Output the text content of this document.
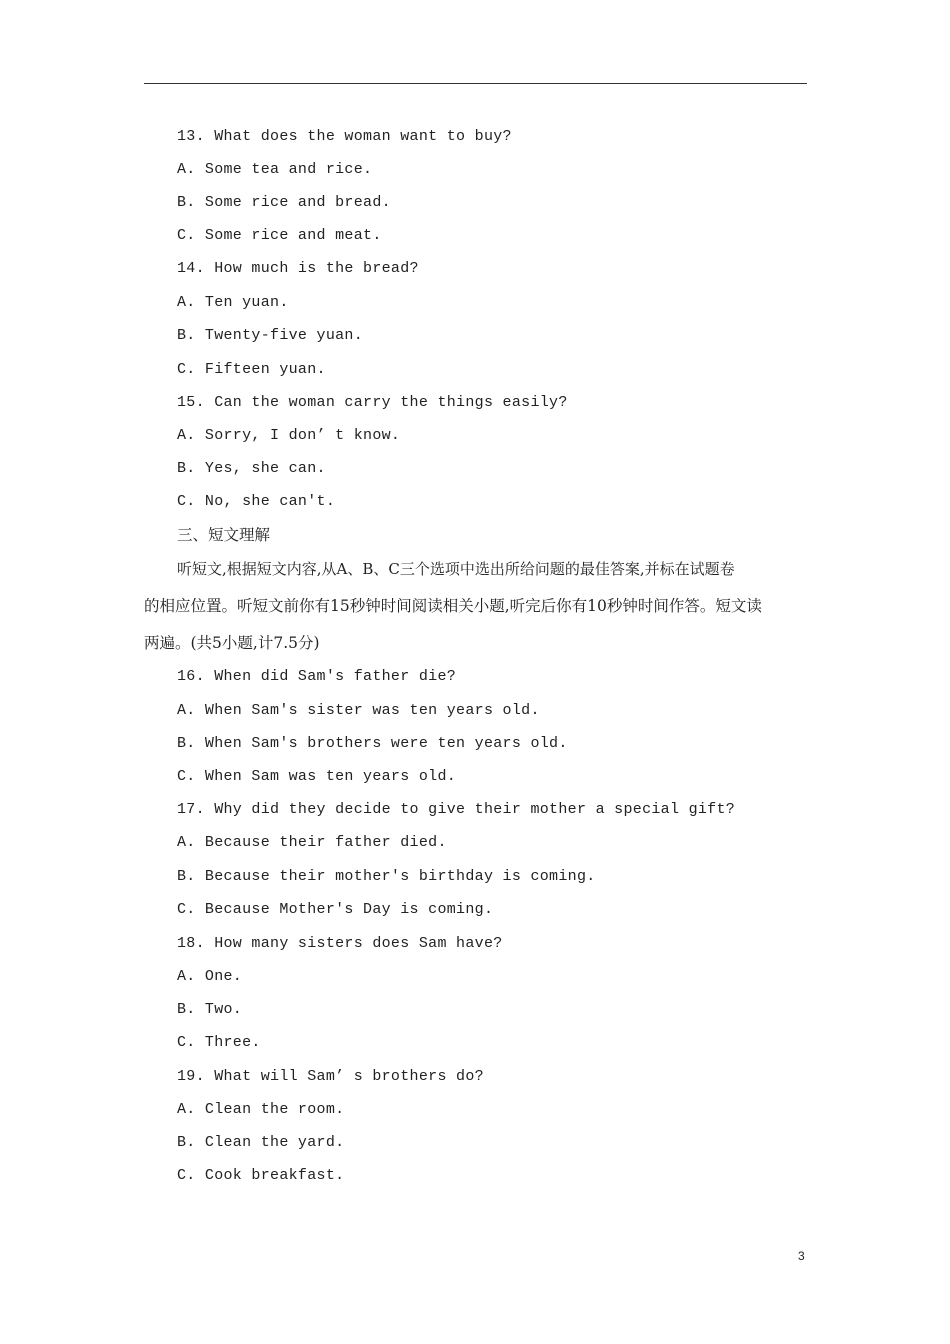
13. What does the woman want to buy?
A. Some tea and rice.
B. Some rice and bread.
C. Some rice and meat.
14. How much is the bread?
A. Ten yuan.
B. Twenty-five yuan.
C. Fifteen yuan.
15. Can the woman carry the things easily?
A. Sorry, I don’ t know.
B. Yes, she can.
C. No, she can't.
三、短文理解
听短文,根据短文内容,从A、B、C三个选项中选出所给问题的最佳答案,并标在试题卷
的相应位置。听短文前你有15秒钟时间阅读相关小题,听完后你有10秒钟时间作答。短文读
两遍。(共5小题,计7.5分)
16. When did Sam's father die?
A. When Sam's sister was ten years old.
B. When Sam's brothers were ten years old.
C. When Sam was ten years old.
17. Why did they decide to give their mother a special gift?
A. Because their father died.
B. Because their mother's birthday is coming.
C. Because Mother's Day is coming.
18. How many sisters does Sam have?
A. One.
B. Two.
C. Three.
19. What will Sam’ s brothers do?
A. Clean the room.
B. Clean the yard.
C. Cook breakfast.
3
